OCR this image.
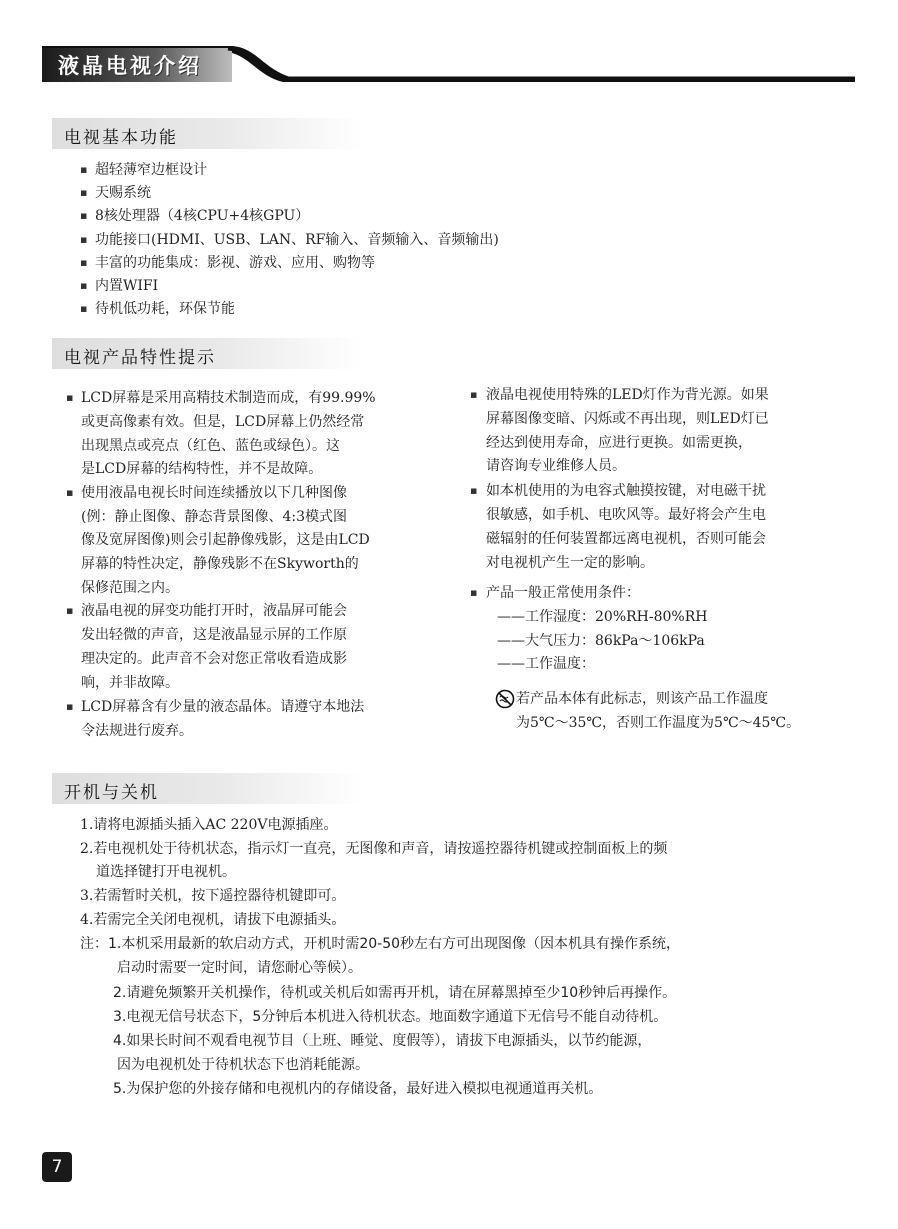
液晶电视介绍
电视基本功能
▪ 超轻薄窄边框设计
▪ 天赐系统
▪ 8核处理器（4核CPU+4核GPU）
▪ 功能接口(HDMI、USB、LAN、RF输入、音频输入、音频输出)
▪ 丰富的功能集成：影视、游戏、应用、购物等
▪ 内置WIFI
▪ 待机低功耗，环保节能
电视产品特性提示
▪ LCD屏幕是采用高精技术制造而成，有99.99%
或更高像素有效。但是，LCD屏幕上仍然经常
出现黑点或亮点（红色、蓝色或绿色）。这
是LCD屏幕的结构特性，并不是故障。
▪ 使用液晶电视长时间连续播放以下几种图像
(例：静止图像、静态背景图像、4:3模式图
像及宽屏图像)则会引起静像残影，这是由LCD
屏幕的特性决定，静像残影不在Skyworth的
保修范围之内。
▪ 液晶电视的屏变功能打开时，液晶屏可能会
发出轻微的声音，这是液晶显示屏的工作原
理决定的。此声音不会对您正常收看造成影
响，并非故障。
▪ LCD屏幕含有少量的液态晶体。请遵守本地法
令法规进行废弃。
▪ 液晶电视使用特殊的LED灯作为背光源。如果
屏幕图像变暗、闪烁或不再出现，则LED灯已
经达到使用寿命，应进行更换。如需更换，
请咨询专业维修人员。
▪ 如本机使用的为电容式触摸按键，对电磁干扰
很敏感，如手机、电吹风等。最好将会产生电
磁辐射的任何装置都远离电视机，否则可能会
对电视机产生一定的影响。
▪ 产品一般正常使用条件：
——工作湿度：20%RH-80%RH
——大气压力：86kPa～106kPa
——工作温度：
若产品本体有此标志，则该产品工作温度
为5℃～35℃，否则工作温度为5℃～45℃。
开机与关机
1.请将电源插头插入AC 220V电源插座。
2.若电视机处于待机状态，指示灯一直亮，无图像和声音，请按遥控器待机键或控制面板上的频
道选择键打开电视机。
3.若需暂时关机，按下遥控器待机键即可。
4.若需完全关闭电视机，请拔下电源插头。
注：1.本机采用最新的软启动方式，开机时需20-50秒左右方可出现图像（因本机具有操作系统，
启动时需要一定时间，请您耐心等候）。
2.请避免频繁开关机操作，待机或关机后如需再开机，请在屏幕黑掉至少10秒钟后再操作。
3.电视无信号状态下，5分钟后本机进入待机状态。地面数字通道下无信号不能自动待机。
4.如果长时间不观看电视节目（上班、睡觉、度假等），请拔下电源插头，以节约能源，
因为电视机处于待机状态下也消耗能源。
5.为保护您的外接存储和电视机内的存储设备，最好进入模拟电视通道再关机。
7
